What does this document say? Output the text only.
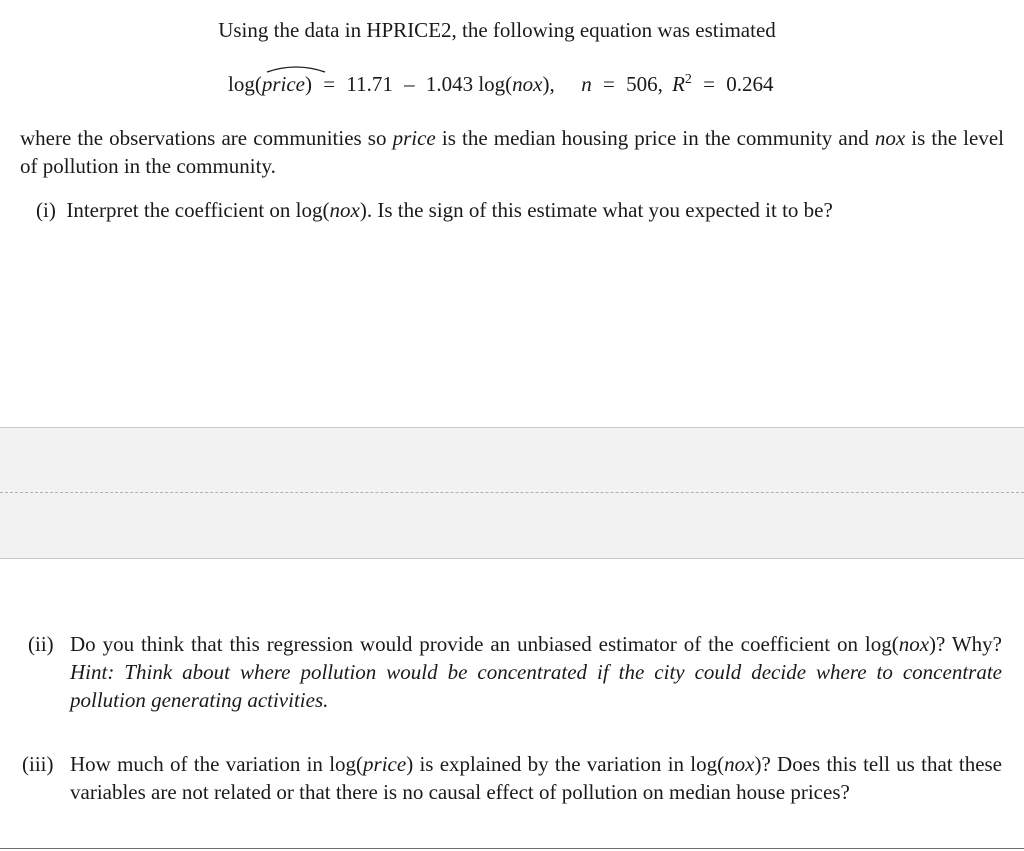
Using the data in HPRICE2, the following equation was estimated
log(
price) = 11.71 – 1.043 log(nox), n = 506, $R^2 = 0.264$
where the observations are communities so price is the median housing price in the community and nox is the level of pollution in the community.
(i) Interpret the coefficient on log(nox). Is the sign of this estimate what you expected it to be?
(ii) Do you think that this regression would provide an unbiased estimator of the coefficient on log(nox)? Why? Hint: Think about where pollution would be concentrated if the city could decide where to concentrate pollution generating activities.
(iii) How much of the variation in log(price) is explained by the variation in log(nox)? Does this tell us that these variables are not related or that there is no causal effect of pollution on median house prices?
